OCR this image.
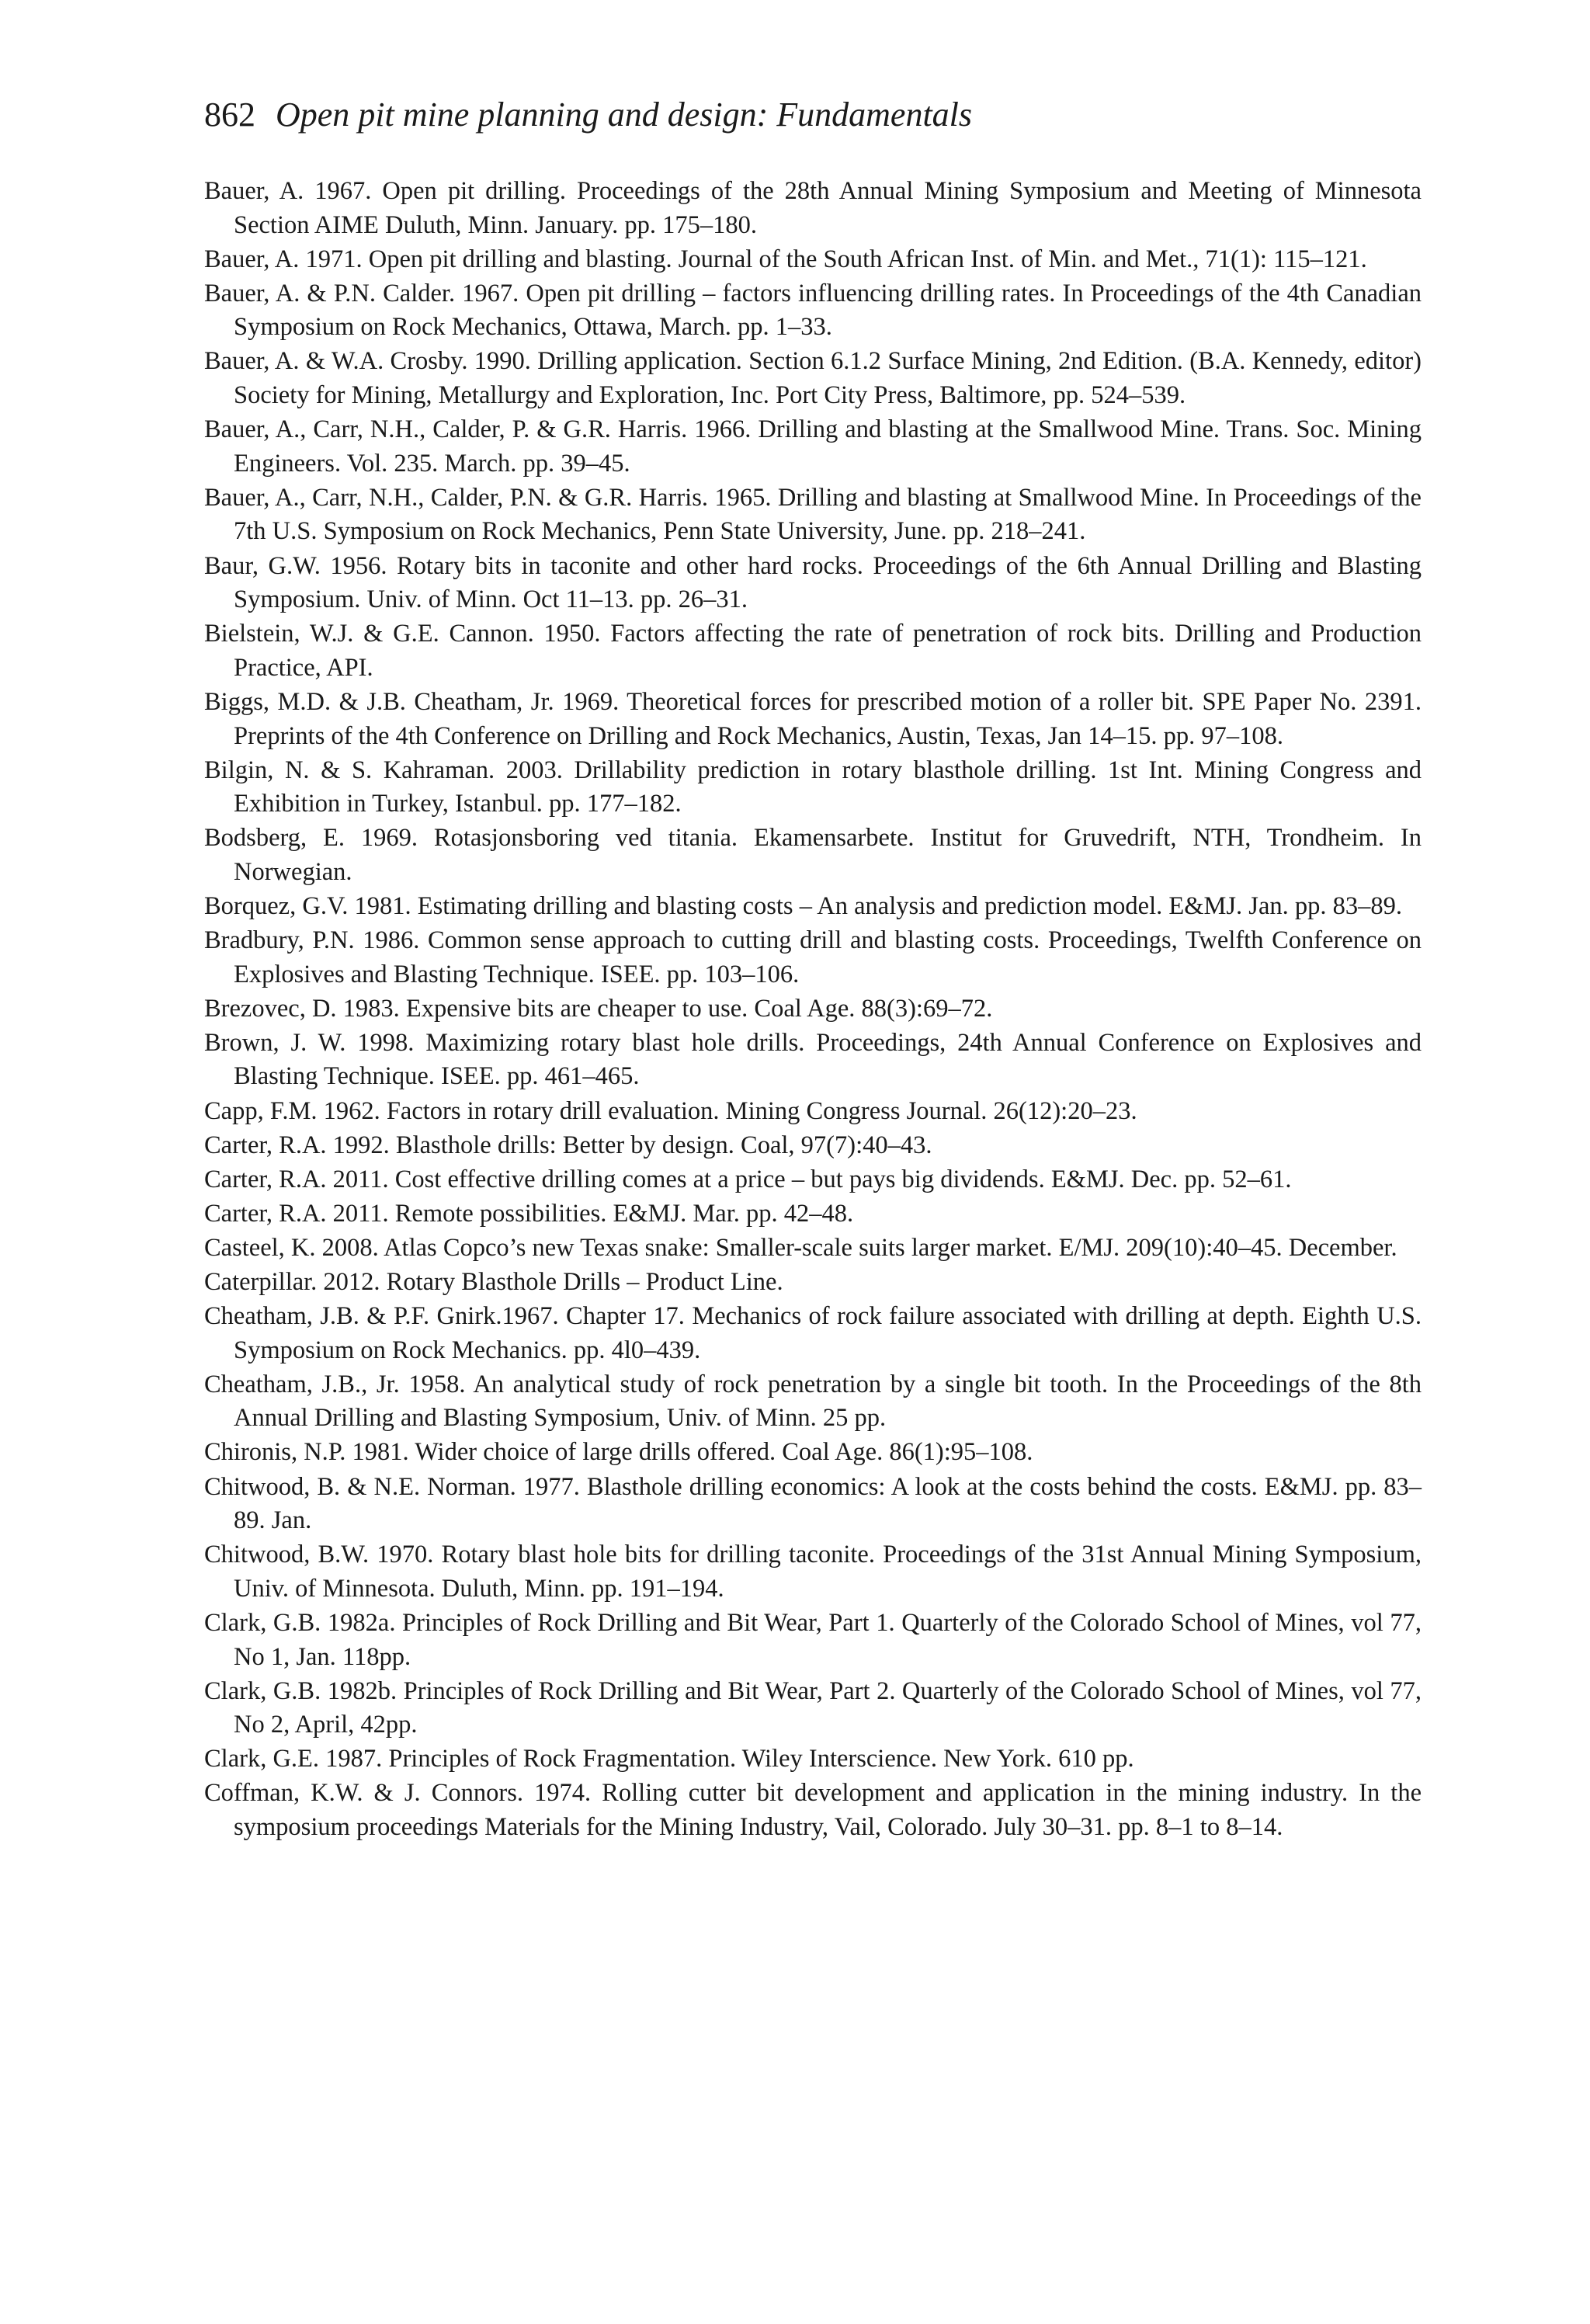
862 Open pit mine planning and design: Fundamentals
Bauer, A. 1967. Open pit drilling. Proceedings of the 28th Annual Mining Symposium and Meeting of Minnesota Section AIME Duluth, Minn. January. pp. 175–180.
Bauer, A. 1971. Open pit drilling and blasting. Journal of the South African Inst. of Min. and Met., 71(1): 115–121.
Bauer, A. & P.N. Calder. 1967. Open pit drilling – factors influencing drilling rates. In Proceedings of the 4th Canadian Symposium on Rock Mechanics, Ottawa, March. pp. 1–33.
Bauer, A. & W.A. Crosby. 1990. Drilling application. Section 6.1.2 Surface Mining, 2nd Edition. (B.A. Kennedy, editor) Society for Mining, Metallurgy and Exploration, Inc. Port City Press, Baltimore, pp. 524–539.
Bauer, A., Carr, N.H., Calder, P. & G.R. Harris. 1966. Drilling and blasting at the Smallwood Mine. Trans. Soc. Mining Engineers. Vol. 235. March. pp. 39–45.
Bauer, A., Carr, N.H., Calder, P.N. & G.R. Harris. 1965. Drilling and blasting at Smallwood Mine. In Proceedings of the 7th U.S. Symposium on Rock Mechanics, Penn State University, June. pp. 218–241.
Baur, G.W. 1956. Rotary bits in taconite and other hard rocks. Proceedings of the 6th Annual Drilling and Blasting Symposium. Univ. of Minn. Oct 11–13. pp. 26–31.
Bielstein, W.J. & G.E. Cannon. 1950. Factors affecting the rate of penetration of rock bits. Drilling and Production Practice, API.
Biggs, M.D. & J.B. Cheatham, Jr. 1969. Theoretical forces for prescribed motion of a roller bit. SPE Paper No. 2391. Preprints of the 4th Conference on Drilling and Rock Mechanics, Austin, Texas, Jan 14–15. pp. 97–108.
Bilgin, N. & S. Kahraman. 2003. Drillability prediction in rotary blasthole drilling. 1st Int. Mining Congress and Exhibition in Turkey, Istanbul. pp. 177–182.
Bodsberg, E. 1969. Rotasjonsboring ved titania. Ekamensarbete. Institut for Gruvedrift, NTH, Trondheim. In Norwegian.
Borquez, G.V. 1981. Estimating drilling and blasting costs – An analysis and prediction model. E&MJ. Jan. pp. 83–89.
Bradbury, P.N. 1986. Common sense approach to cutting drill and blasting costs. Proceedings, Twelfth Conference on Explosives and Blasting Technique. ISEE. pp. 103–106.
Brezovec, D. 1983. Expensive bits are cheaper to use. Coal Age. 88(3):69–72.
Brown, J. W. 1998. Maximizing rotary blast hole drills. Proceedings, 24th Annual Conference on Explosives and Blasting Technique. ISEE. pp. 461–465.
Capp, F.M. 1962. Factors in rotary drill evaluation. Mining Congress Journal. 26(12):20–23.
Carter, R.A. 1992. Blasthole drills: Better by design. Coal, 97(7):40–43.
Carter, R.A. 2011. Cost effective drilling comes at a price – but pays big dividends. E&MJ. Dec. pp. 52–61.
Carter, R.A. 2011. Remote possibilities. E&MJ. Mar. pp. 42–48.
Casteel, K. 2008. Atlas Copco’s new Texas snake: Smaller-scale suits larger market. E/MJ. 209(10):40–45. December.
Caterpillar. 2012. Rotary Blasthole Drills – Product Line.
Cheatham, J.B. & P.F. Gnirk.1967. Chapter 17. Mechanics of rock failure associated with drilling at depth. Eighth U.S. Symposium on Rock Mechanics. pp. 4l0–439.
Cheatham, J.B., Jr. 1958. An analytical study of rock penetration by a single bit tooth. In the Proceedings of the 8th Annual Drilling and Blasting Symposium, Univ. of Minn. 25 pp.
Chironis, N.P. 1981. Wider choice of large drills offered. Coal Age. 86(1):95–108.
Chitwood, B. & N.E. Norman. 1977. Blasthole drilling economics: A look at the costs behind the costs. E&MJ. pp. 83–89. Jan.
Chitwood, B.W. 1970. Rotary blast hole bits for drilling taconite. Proceedings of the 31st Annual Mining Symposium, Univ. of Minnesota. Duluth, Minn. pp. 191–194.
Clark, G.B. 1982a. Principles of Rock Drilling and Bit Wear, Part 1. Quarterly of the Colorado School of Mines, vol 77, No 1, Jan. 118pp.
Clark, G.B. 1982b. Principles of Rock Drilling and Bit Wear, Part 2. Quarterly of the Colorado School of Mines, vol 77, No 2, April, 42pp.
Clark, G.E. 1987. Principles of Rock Fragmentation. Wiley Interscience. New York. 610 pp.
Coffman, K.W. & J. Connors. 1974. Rolling cutter bit development and application in the mining industry. In the symposium proceedings Materials for the Mining Industry, Vail, Colorado. July 30–31. pp. 8–1 to 8–14.
